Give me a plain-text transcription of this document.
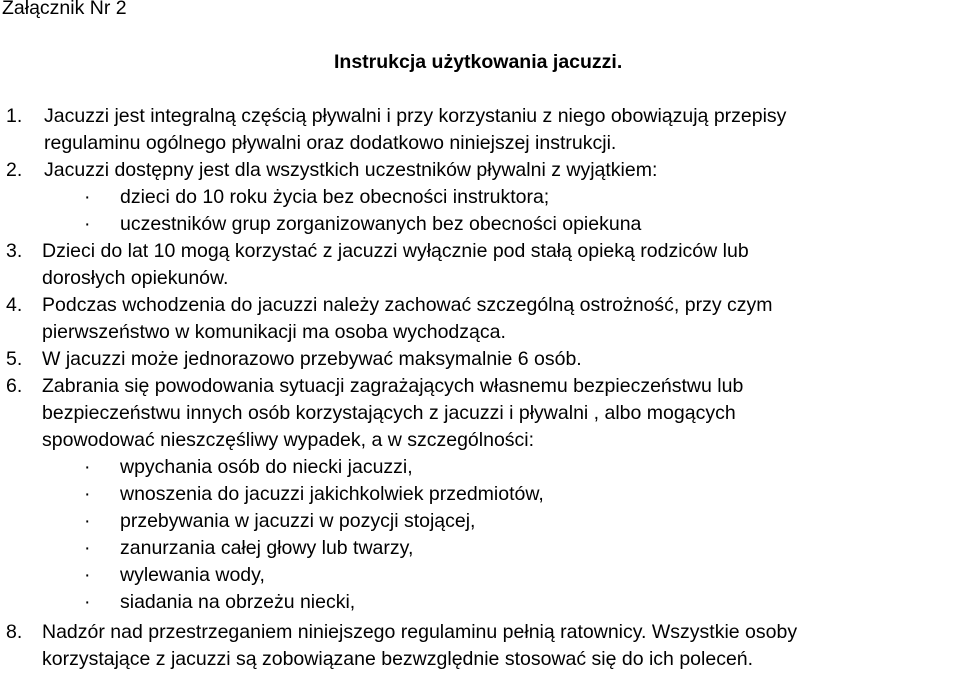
Załącznik Nr 2
Instrukcja użytkowania jacuzzi.
1. Jacuzzi jest integralną częścią pływalni i przy korzystaniu z niego obowiązują przepisy
regulaminu ogólnego pływalni oraz dodatkowo niniejszej instrukcji.
2. Jacuzzi dostępny jest dla wszystkich uczestników pływalni z wyjątkiem:
· dzieci do 10 roku życia bez obecności instruktora;
· uczestników grup zorganizowanych bez obecności opiekuna
3. Dzieci do lat 10 mogą korzystać z jacuzzi wyłącznie pod stałą opieką rodziców lub
dorosłych opiekunów.
4. Podczas wchodzenia do jacuzzi należy zachować szczególną ostrożność, przy czym
pierwszeństwo w komunikacji ma osoba wychodząca.
5. W jacuzzi może jednorazowo przebywać maksymalnie 6 osób.
6. Zabrania się powodowania sytuacji zagrażających własnemu bezpieczeństwu lub
bezpieczeństwu innych osób korzystających z jacuzzi i pływalni , albo mogących
spowodować nieszczęśliwy wypadek, a w szczególności:
· wpychania osób do niecki jacuzzi,
· wnoszenia do jacuzzi jakichkolwiek przedmiotów,
· przebywania w jacuzzi w pozycji stojącej,
· zanurzania całej głowy lub twarzy,
· wylewania wody,
· siadania na obrzeżu niecki,
8. Nadzór nad przestrzeganiem niniejszego regulaminu pełnią ratownicy. Wszystkie osoby
korzystające z jacuzzi są zobowiązane bezwzględnie stosować się do ich poleceń.
